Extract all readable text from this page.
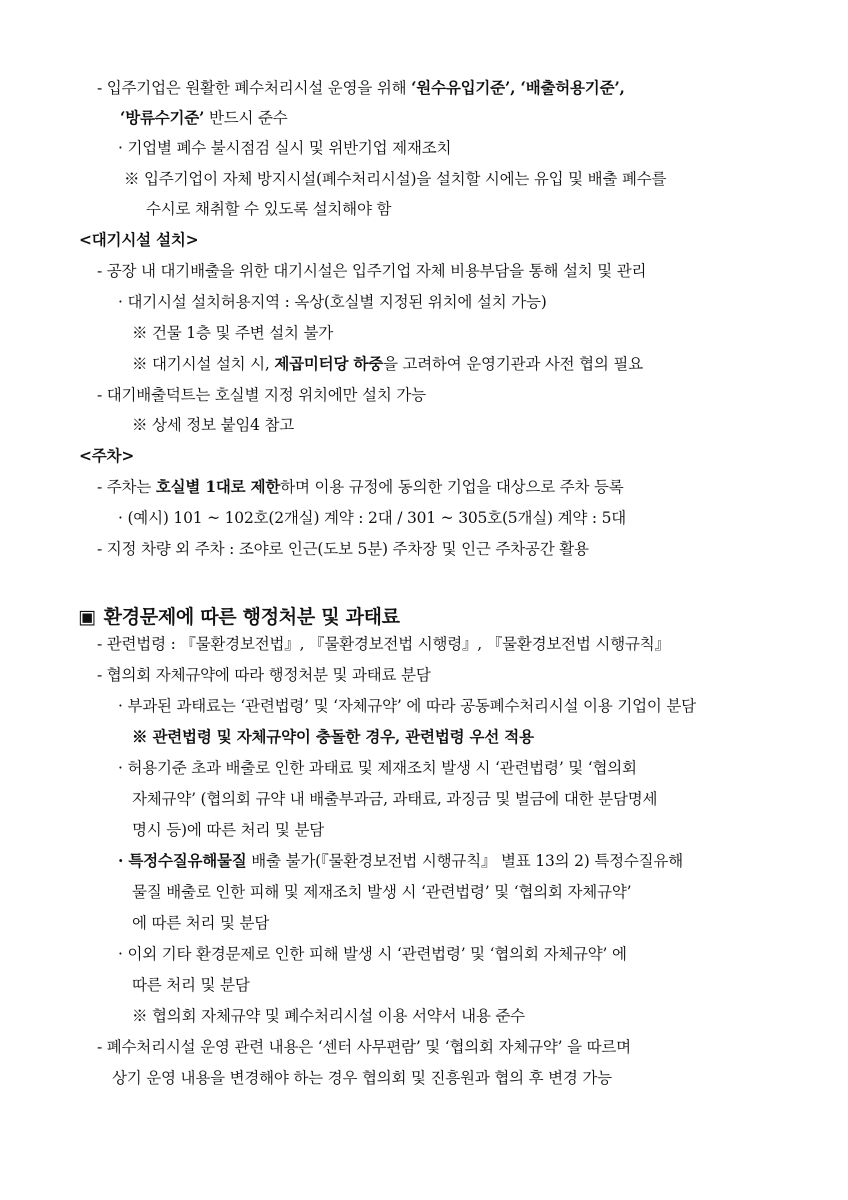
▣ 환경문제에 따른 행정처분 및 과태료
- 입주기업은 원활한 폐수처리시설 운영을 위해 ‘원수유입기준’, ‘배출허용기준’,
‘방류수기준’ 반드시 준수
· 기업별 폐수 불시점검 실시 및 위반기업 제재조치
※ 입주기업이 자체 방지시설(폐수처리시설)을 설치할 시에는 유입 및 배출 폐수를
수시로 채취할 수 있도록 설치해야 함
<대기시설 설치>
- 공장 내 대기배출을 위한 대기시설은 입주기업 자체 비용부담을 통해 설치 및 관리
· 대기시설 설치허용지역 : 옥상(호실별 지정된 위치에 설치 가능)
※ 건물 1층 및 주변 설치 불가
※ 대기시설 설치 시, 제곱미터당 하중을 고려하여 운영기관과 사전 협의 필요
- 대기배출덕트는 호실별 지정 위치에만 설치 가능
※ 상세 정보 붙임4 참고
<주차>
- 주차는 호실별 1대로 제한하며 이용 규정에 동의한 기업을 대상으로 주차 등록
· (예시) 101 ~ 102호(2개실) 계약 : 2대 / 301 ~ 305호(5개실) 계약 : 5대
- 지정 차량 외 주차 : 조야로 인근(도보 5분) 주차장 및 인근 주차공간 활용
- 관련법령 : 『물환경보전법』, 『물환경보전법 시행령』, 『물환경보전법 시행규칙』
- 협의회 자체규약에 따라 행정처분 및 과태료 분담
· 부과된 과태료는 ‘관련법령’ 및 ‘자체규약’ 에 따라 공동폐수처리시설 이용 기업이 분담
※ 관련법령 및 자체규약이 충돌한 경우, 관련법령 우선 적용
· 허용기준 초과 배출로 인한 과태료 및 제재조치 발생 시 ‘관련법령’ 및 ‘협의회
자체규약’ (협의회 규약 내 배출부과금, 과태료, 과징금 및 벌금에 대한 분담명세
명시 등)에 따른 처리 및 분담
· 특정수질유해물질 배출 불가(『물환경보전법 시행규칙』 별표 13의 2) 특정수질유해
물질 배출로 인한 피해 및 제재조치 발생 시 ‘관련법령’ 및 ‘협의회 자체규약’
에 따른 처리 및 분담
· 이외 기타 환경문제로 인한 피해 발생 시 ‘관련법령’ 및 ‘협의회 자체규약’ 에
따른 처리 및 분담
※ 협의회 자체규약 및 폐수처리시설 이용 서약서 내용 준수
- 폐수처리시설 운영 관련 내용은 ‘센터 사무편람’ 및 ‘협의회 자체규약’ 을 따르며
상기 운영 내용을 변경해야 하는 경우 협의회 및 진흥원과 협의 후 변경 가능
